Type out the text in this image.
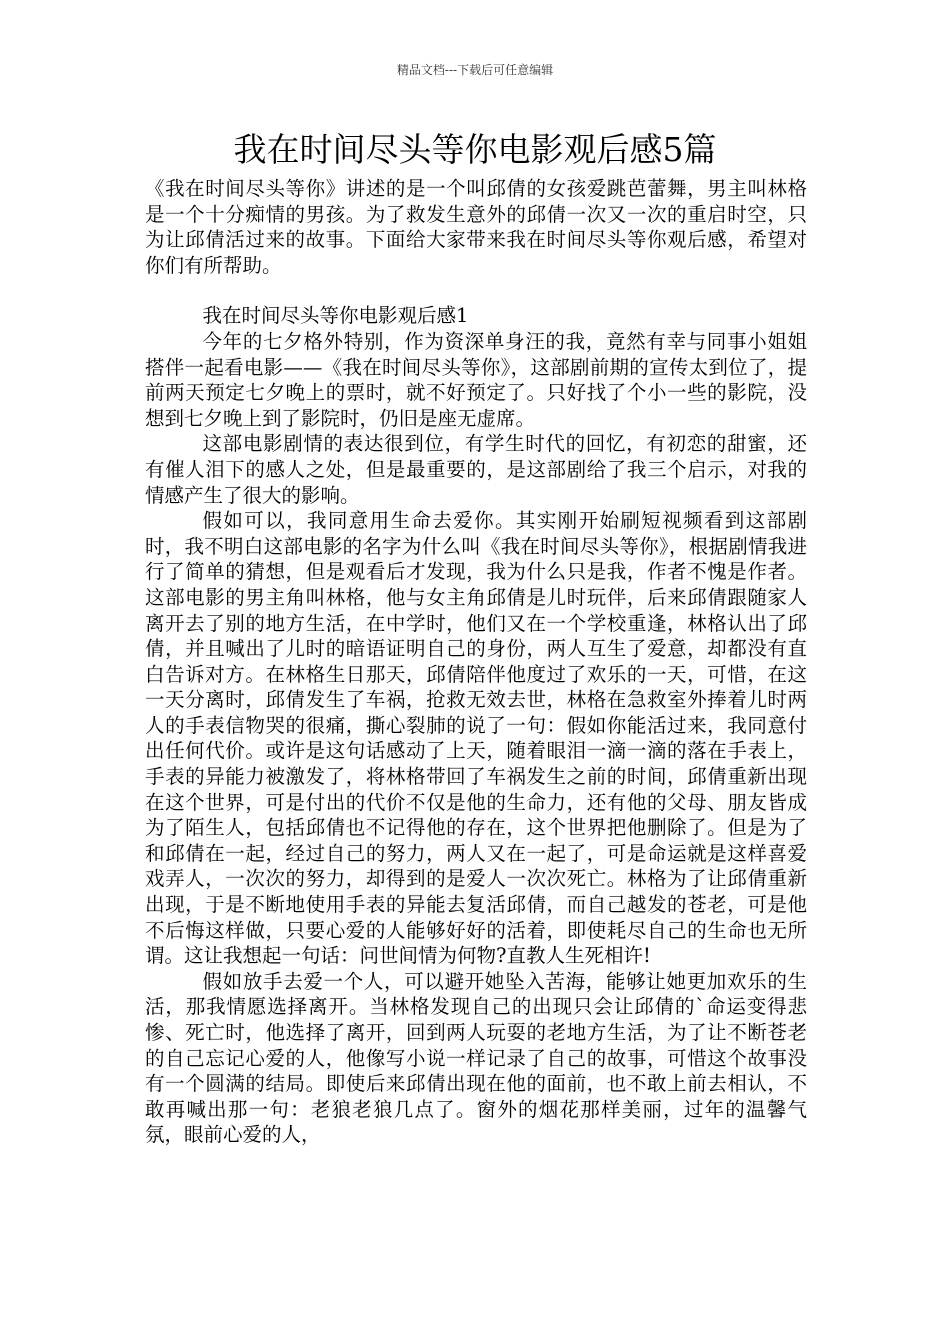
精品文档---下载后可任意编辑
我在时间尽头等你电影观后感5篇

《我在时间尽头等你》讲述的是一个叫邱倩的女孩爱跳芭蕾舞，男主叫林格是一个十分痴情的男孩。为了救发生意外的邱倩一次又一次的重启时空，只为让邱倩活过来的故事。下面给大家带来我在时间尽头等你观后感，希望对你们有所帮助。

我在时间尽头等你电影观后感1

今年的七夕格外特别，作为资深单身汪的我，竟然有幸与同事小姐姐搭伴一起看电影——《我在时间尽头等你》，这部剧前期的宣传太到位了，提前两天预定七夕晚上的票时，就不好预定了。只好找了个小一些的影院，没想到七夕晚上到了影院时，仍旧是座无虚席。

这部电影剧情的表达很到位，有学生时代的回忆，有初恋的甜蜜，还有催人泪下的感人之处，但是最重要的，是这部剧给了我三个启示，对我的情感产生了很大的影响。

假如可以，我同意用生命去爱你。其实刚开始刷短视频看到这部剧时，我不明白这部电影的名字为什么叫《我在时间尽头等你》，根据剧情我进行了简单的猜想，但是观看后才发现，我为什么只是我，作者不愧是作者。这部电影的男主角叫林格，他与女主角邱倩是儿时玩伴，后来邱倩跟随家人离开去了别的地方生活，在中学时，他们又在一个学校重逢，林格认出了邱倩，并且喊出了儿时的暗语证明自己的身份，两人互生了爱意，却都没有直白告诉对方。在林格生日那天，邱倩陪伴他度过了欢乐的一天，可惜，在这一天分离时，邱倩发生了车祸，抢救无效去世，林格在急救室外捧着儿时两人的手表信物哭的很痛，撕心裂肺的说了一句：假如你能活过来，我同意付出任何代价。或许是这句话感动了上天，随着眼泪一滴一滴的落在手表上，手表的异能力被激发了，将林格带回了车祸发生之前的时间，邱倩重新出现在这个世界，可是付出的代价不仅是他的生命力，还有他的父母、朋友皆成为了陌生人，包括邱倩也不记得他的存在，这个世界把他删除了。但是为了和邱倩在一起，经过自己的努力，两人又在一起了，可是命运就是这样喜爱戏弄人，一次次的努力，却得到的是爱人一次次死亡。林格为了让邱倩重新出现，于是不断地使用手表的异能去复活邱倩，而自己越发的苍老，可是他不后悔这样做，只要心爱的人能够好好的活着，即使耗尽自己的生命也无所谓。这让我想起一句话：问世间情为何物?直教人生死相许!

假如放手去爱一个人，可以避开她坠入苦海，能够让她更加欢乐的生活，那我情愿选择离开。当林格发现自己的出现只会让邱倩的`命运变得悲惨、死亡时，他选择了离开，回到两人玩耍的老地方生活，为了让不断苍老的自己忘记心爱的人，他像写小说一样记录了自己的故事，可惜这个故事没有一个圆满的结局。即使后来邱倩出现在他的面前，也不敢上前去相认，不敢再喊出那一句：老狼老狼几点了。窗外的烟花那样美丽，过年的温馨气氛，眼前心爱的人，
